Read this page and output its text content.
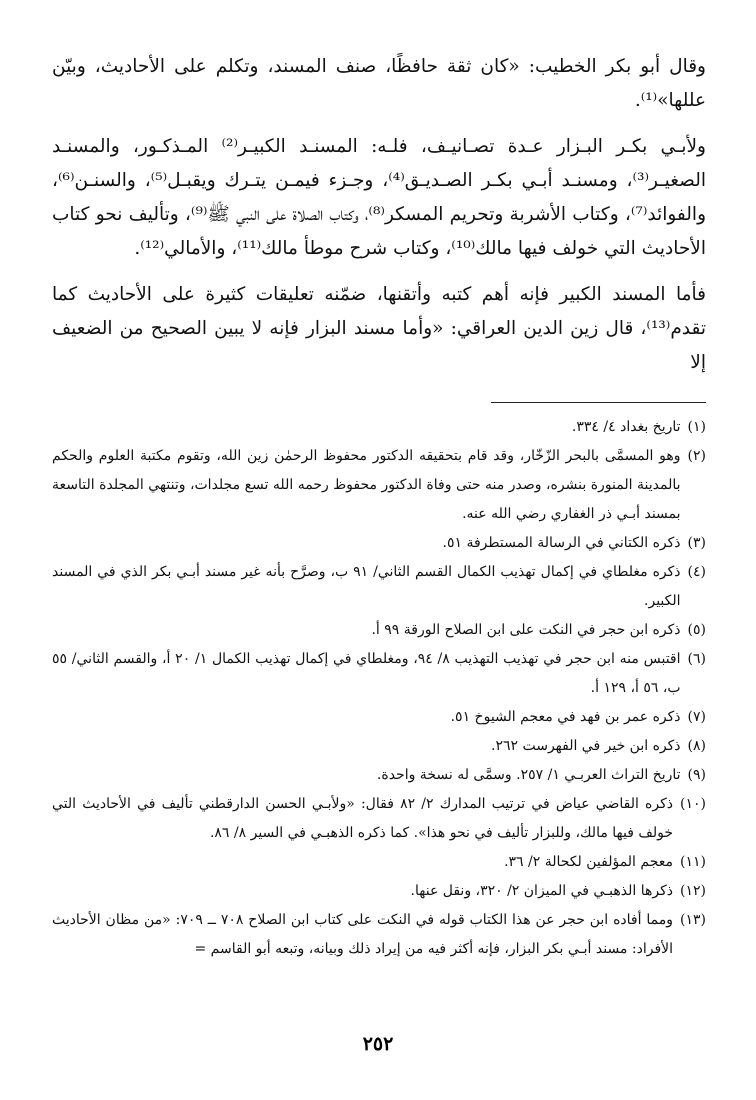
وقال أبو بكر الخطيب: «كان ثقة حافظًا، صنف المسند، وتكلم على الأحاديث، وبيّن عللها»⁽¹⁾.

ولأبـي بكـر البـزار عـدة تصـانيـف، فلـه: المسنـد الكبيـر⁽²⁾ المـذكـور، والمسنـد الصغيـر⁽³⁾، ومسنـد أبـي بكـر الصـديـق⁽⁴⁾، وجـزء فيمـن يتـرك ويقبـل⁽⁵⁾، والسنـن⁽⁶⁾، والفوائد⁽⁷⁾، وكتاب الأشربة وتحريم المسكر⁽⁸⁾، وكتاب الصلاة على النبي ﷺ⁽⁹⁾، وتأليف نحو كتاب الأحاديث التي خولف فيها مالك⁽¹⁰⁾، وكتاب شرح موطأ مالك⁽¹¹⁾، والأمالي⁽¹²⁾.

فأما المسند الكبير فإنه أهم كتبه وأتقنها، ضمّنه تعليقات كثيرة على الأحاديث كما تقدم⁽¹³⁾، قال زين الدين العراقي: «وأما مسند البزار فإنه لا يبين الصحيح من الضعيف إلا

(١)
تاريخ بغداد ٤/ ٣٣٤.
(٢)
وهو المسمَّى بالبحر الزّخّار، وقد قام بتحقيقه الدكتور محفوظ الرحمٰن زين الله، وتقوم مكتبة العلوم والحكم بالمدينة المنورة بنشره، وصدر منه حتى وفاة الدكتور محفوظ رحمه الله تسع مجلدات، وتنتهي المجلدة التاسعة بمسند أبـي ذر الغفاري رضي الله عنه.
(٣)
ذكره الكتاني في الرسالة المستطرفة ٥١.
(٤)
ذكره مغلطاي في إكمال تهذيب الكمال القسم الثاني/ ٩١ ب، وصرَّح بأنه غير مسند أبـي بكر الذي في المسند الكبير.
(٥)
ذكره ابن حجر في النكت على ابن الصلاح الورقة ٩٩ أ.
(٦)
اقتبس منه ابن حجر في تهذيب التهذيب ٨/ ٩٤، ومغلطاي في إكمال تهذيب الكمال ١/ ٢٠ أ، والقسم الثاني/ ٥٥ ب، ٥٦ أ، ١٢٩ أ.
(٧)
ذكره عمر بن فهد في معجم الشيوخ ٥١.
(٨)
ذكره ابن خير في الفهرست ٢٦٢.
(٩)
تاريخ التراث العربـي ١/ ٢٥٧. وسمَّى له نسخة واحدة.
(١٠)
ذكره القاضي عياض في ترتيب المدارك ٢/ ٨٢ فقال: «ولأبـي الحسن الدارقطني تأليف في الأحاديث التي خولف فيها مالك، وللبزار تأليف في نحو هذا». كما ذكره الذهبـي في السير ٨/ ٨٦.
(١١)
معجم المؤلفين لكحالة ٢/ ٣٦.
(١٢)
ذكرها الذهبـي في الميزان ٢/ ٣٢٠، ونقل عنها.
(١٣)
ومما أفاده ابن حجر عن هذا الكتاب قوله في النكت على كتاب ابن الصلاح ٧٠٨ ــ ٧٠٩: «من مظان الأحاديث الأفراد: مسند أبـي بكر البزار، فإنه أكثر فيه من إيراد ذلك وبيانه، وتبعه أبو القاسم =
٢٥٢
